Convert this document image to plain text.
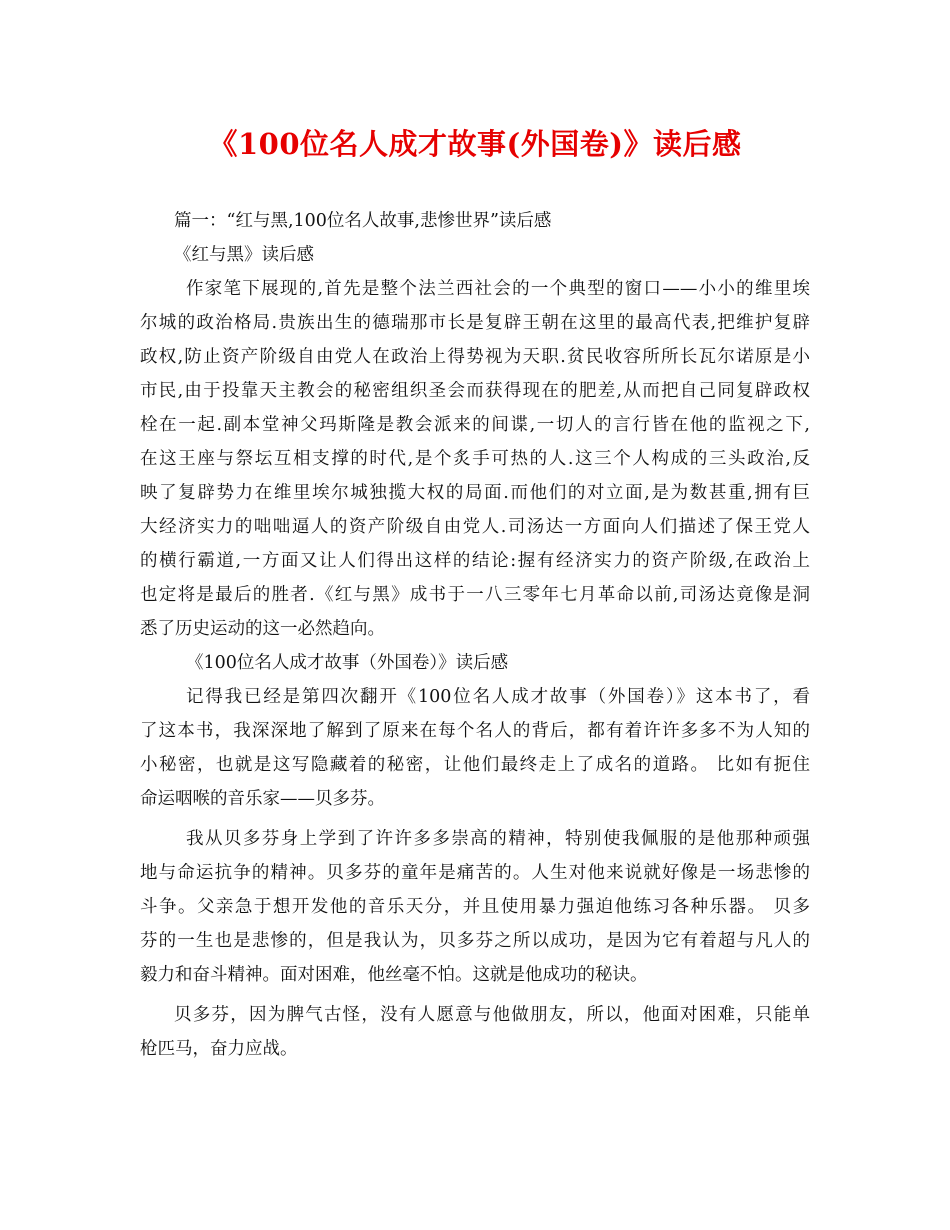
《100位名人成才故事(外国卷)》读后感
篇一：“红与黑,100位名人故事,悲惨世界”读后感
《红与黑》读后感
作家笔下展现的,首先是整个法兰西社会的一个典型的窗口——小小的维里埃
尔城的政治格局.贵族出生的德瑞那市长是复辟王朝在这里的最高代表,把维护复辟
政权,防止资产阶级自由党人在政治上得势视为天职.贫民收容所所长瓦尔诺原是小
市民,由于投靠天主教会的秘密组织圣会而获得现在的肥差,从而把自己同复辟政权
栓在一起.副本堂神父玛斯隆是教会派来的间谍,一切人的言行皆在他的监视之下,
在这王座与祭坛互相支撑的时代,是个炙手可热的人.这三个人构成的三头政治,反
映了复辟势力在维里埃尔城独揽大权的局面.而他们的对立面,是为数甚重,拥有巨
大经济实力的咄咄逼人的资产阶级自由党人.司汤达一方面向人们描述了保王党人
的横行霸道,一方面又让人们得出这样的结论:握有经济实力的资产阶级,在政治上
也定将是最后的胜者.《红与黑》成书于一八三零年七月革命以前,司汤达竟像是洞
悉了历史运动的这一必然趋向。
《100位名人成才故事（外国卷）》读后感
记得我已经是第四次翻开《100位名人成才故事（外国卷）》这本书了，看
了这本书，我深深地了解到了原来在每个名人的背后，都有着许许多多不为人知的
小秘密，也就是这写隐藏着的秘密，让他们最终走上了成名的道路。 比如有扼住
命运咽喉的音乐家——贝多芬。
我从贝多芬身上学到了许许多多崇高的精神，特别使我佩服的是他那种顽强
地与命运抗争的精神。贝多芬的童年是痛苦的。人生对他来说就好像是一场悲惨的
斗争。父亲急于想开发他的音乐天分，并且使用暴力强迫他练习各种乐器。 贝多
芬的一生也是悲惨的，但是我认为，贝多芬之所以成功，是因为它有着超与凡人的
毅力和奋斗精神。面对困难，他丝毫不怕。这就是他成功的秘诀。
贝多芬，因为脾气古怪，没有人愿意与他做朋友，所以，他面对困难，只能单
枪匹马，奋力应战。
